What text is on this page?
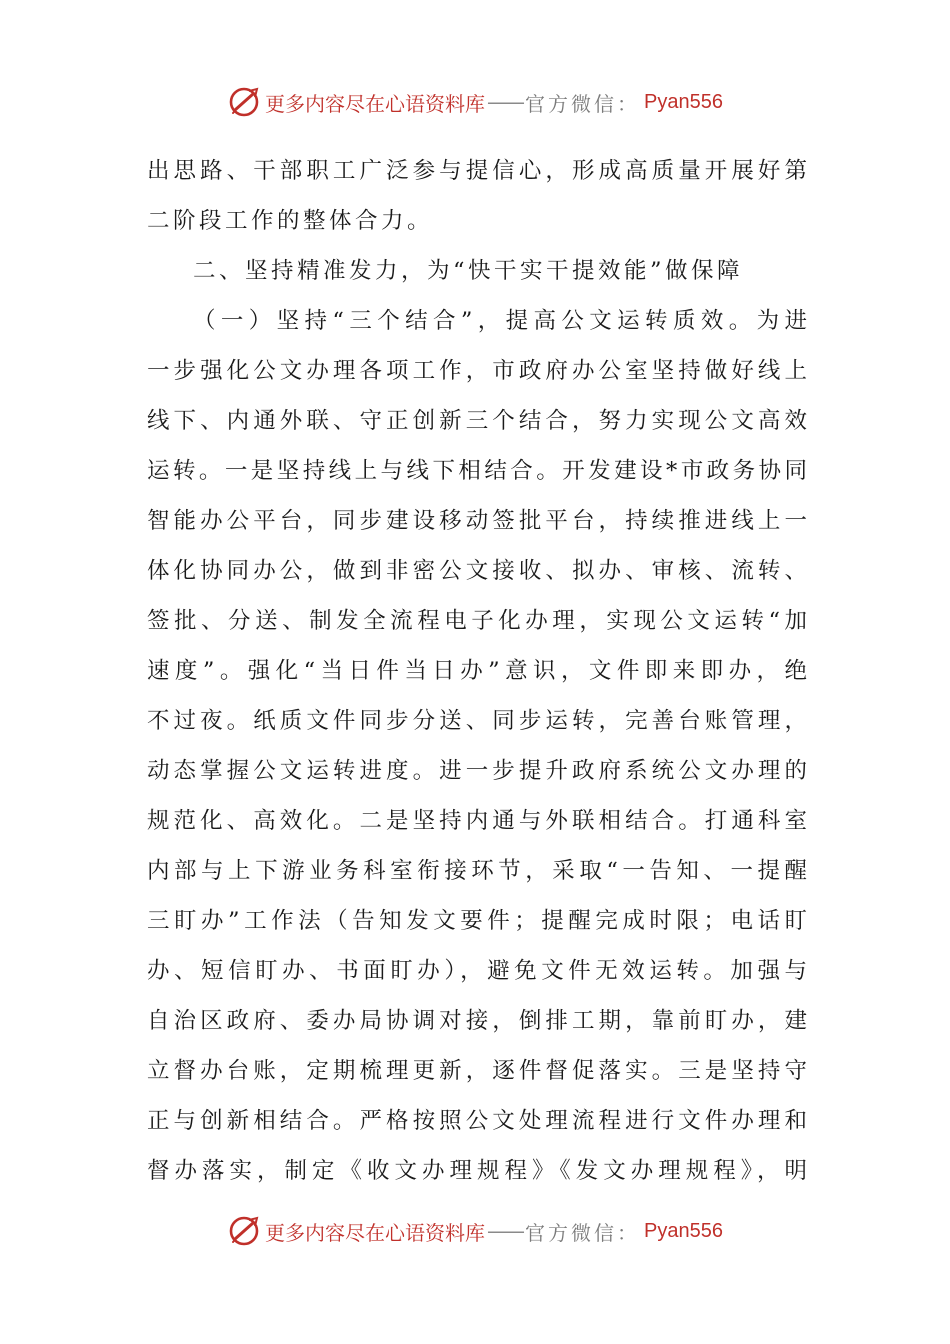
更多内容尽在心语资料库 —— 官方微信： Pyan556
出思路、干部职工广泛参与提信心，形成高质量开展好第
二阶段工作的整体合力。
二、坚持精准发力，为“快干实干提效能”做保障
（一）坚持“三个结合”，提高公文运转质效。为进
一步强化公文办理各项工作，市政府办公室坚持做好线上
线下、内通外联、守正创新三个结合，努力实现公文高效
运转。一是坚持线上与线下相结合。开发建设*市政务协同
智能办公平台，同步建设移动签批平台，持续推进线上一
体化协同办公，做到非密公文接收、拟办、审核、流转、
签批、分送、制发全流程电子化办理，实现公文运转“加
速度”。强化“当日件当日办”意识，文件即来即办，绝
不过夜。纸质文件同步分送、同步运转，完善台账管理，
动态掌握公文运转进度。进一步提升政府系统公文办理的
规范化、高效化。二是坚持内通与外联相结合。打通科室
内部与上下游业务科室衔接环节，采取“一告知、一提醒
三盯办”工作法（告知发文要件；提醒完成时限；电话盯
办、短信盯办、书面盯办），避免文件无效运转。加强与
自治区政府、委办局协调对接，倒排工期，靠前盯办，建
立督办台账，定期梳理更新，逐件督促落实。三是坚持守
正与创新相结合。严格按照公文处理流程进行文件办理和
督办落实，制定《收文办理规程》《发文办理规程》，明
更多内容尽在心语资料库 —— 官方微信： Pyan556
